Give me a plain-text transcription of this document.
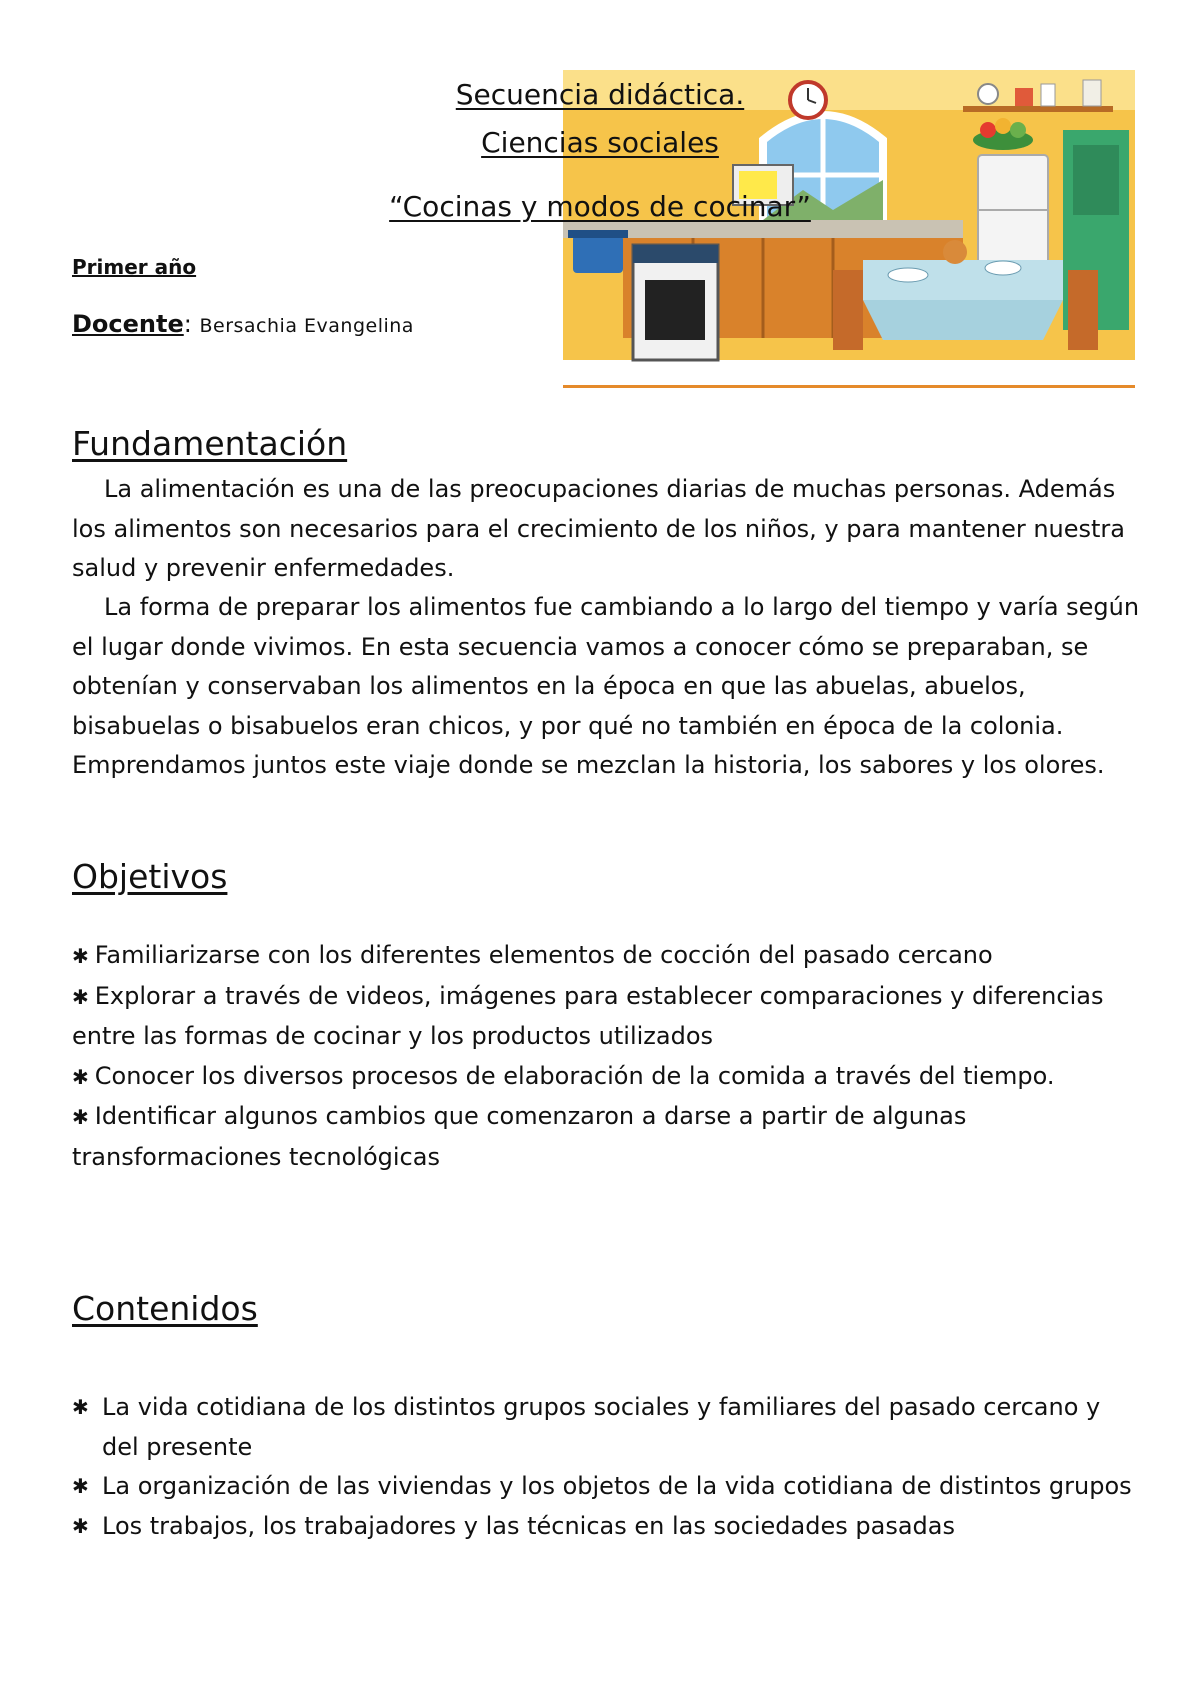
Secuencia didáctica.
Ciencias sociales
“Cocinas y modos de cocinar”
Primer año
Docente: Bersachia Evangelina
Fundamentación
La alimentación es una de las preocupaciones diarias de muchas personas. Además los alimentos son necesarios para el crecimiento de los niños, y para mantener nuestra salud y prevenir enfermedades.
La forma de preparar los alimentos fue cambiando a lo largo del tiempo y varía según el lugar donde vivimos. En esta secuencia vamos a conocer cómo se preparaban, se obtenían y conservaban los alimentos en la época en que las abuelas, abuelos, bisabuelas o bisabuelos eran chicos, y por qué no también en época de la colonia. Emprendamos juntos este viaje donde se mezclan la historia, los sabores y los olores.
Objetivos

✱ Familiarizarse con los diferentes elementos de cocción del pasado cercano

✱ Explorar a través de videos, imágenes para establecer comparaciones y diferencias entre las formas de cocinar y los productos utilizados

✱ Conocer los diversos procesos de elaboración de la comida a través del tiempo.

✱ Identificar algunos cambios que comenzaron a darse a partir de algunas transformaciones tecnológicas

Contenidos
✱ La vida cotidiana de los distintos grupos sociales y familiares del pasado cercano y del presente
✱ La organización de las viviendas y los objetos de la vida cotidiana de distintos grupos
✱ Los trabajos, los trabajadores y las técnicas en las sociedades pasadas
